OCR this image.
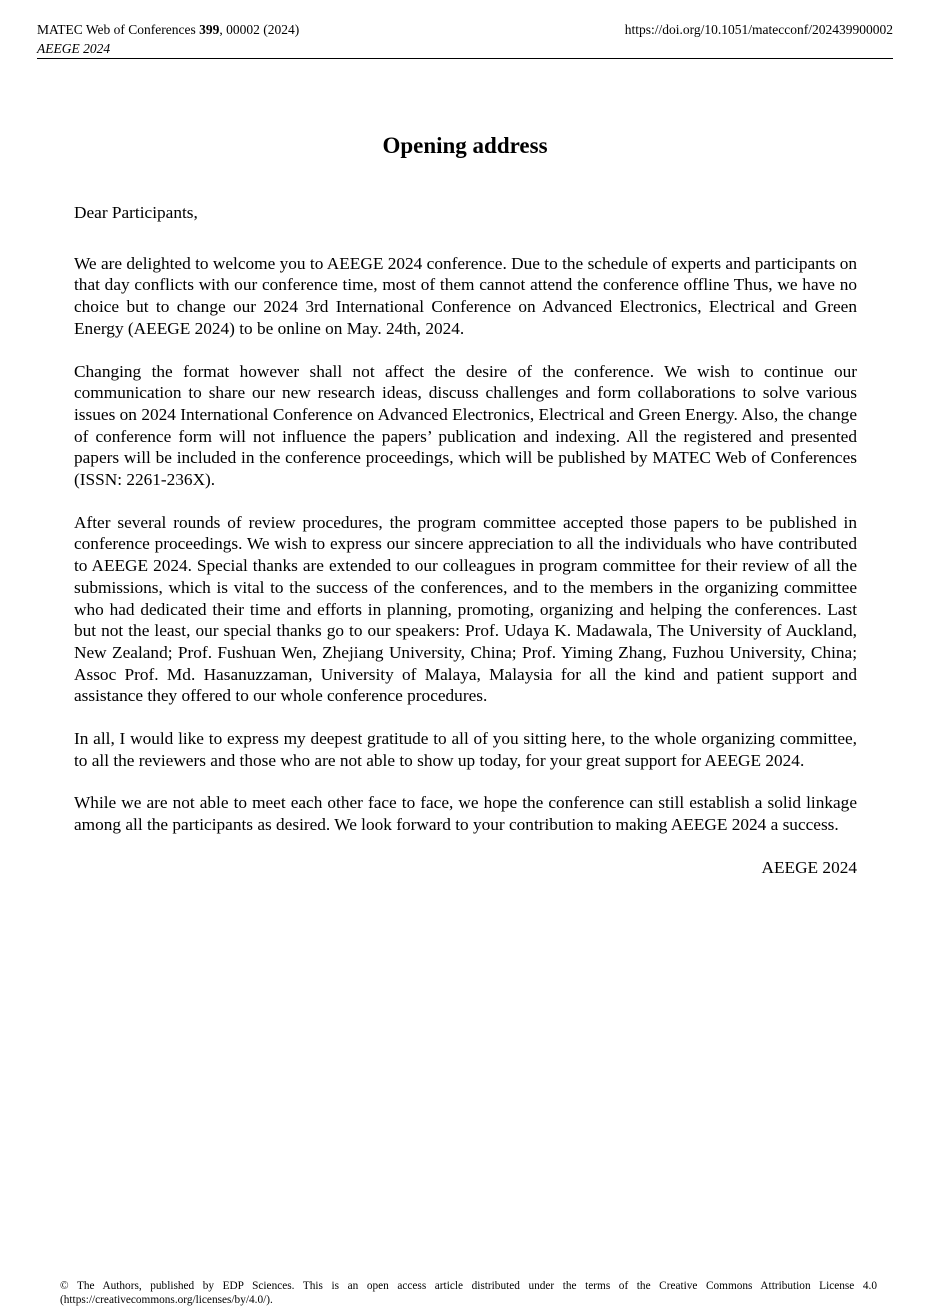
MATEC Web of Conferences 399, 00002 (2024)
AEEGE 2024
https://doi.org/10.1051/matecconf/202439900002
Opening address

Dear Participants,

We are delighted to welcome you to AEEGE 2024 conference. Due to the schedule of experts and participants on that day conflicts with our conference time, most of them cannot attend the conference offline Thus, we have no choice but to change our 2024 3rd International Conference on Advanced Electronics, Electrical and Green Energy (AEEGE 2024) to be online on May. 24th, 2024.

Changing the format however shall not affect the desire of the conference. We wish to continue our communication to share our new research ideas, discuss challenges and form collaborations to solve various issues on 2024 International Conference on Advanced Electronics, Electrical and Green Energy. Also, the change of conference form will not influence the papers’ publication and indexing. All the registered and presented papers will be included in the conference proceedings, which will be published by MATEC Web of Conferences (ISSN: 2261-236X).

After several rounds of review procedures, the program committee accepted those papers to be published in conference proceedings. We wish to express our sincere appreciation to all the individuals who have contributed to AEEGE 2024. Special thanks are extended to our colleagues in program committee for their review of all the submissions, which is vital to the success of the conferences, and to the members in the organizing committee who had dedicated their time and efforts in planning, promoting, organizing and helping the conferences. Last but not the least, our special thanks go to our speakers: Prof. Udaya K. Madawala, The University of Auckland, New Zealand; Prof. Fushuan Wen, Zhejiang University, China; Prof. Yiming Zhang, Fuzhou University, China; Assoc Prof. Md. Hasanuzzaman, University of Malaya, Malaysia for all the kind and patient support and assistance they offered to our whole conference procedures.

In all, I would like to express my deepest gratitude to all of you sitting here, to the whole organizing committee, to all the reviewers and those who are not able to show up today, for your great support for AEEGE 2024.

While we are not able to meet each other face to face, we hope the conference can still establish a solid linkage among all the participants as desired. We look forward to your contribution to making AEEGE 2024 a success.

AEEGE 2024

© The Authors, published by EDP Sciences. This is an open access article distributed under the terms of the Creative Commons Attribution License 4.0 (https://creativecommons.org/licenses/by/4.0/).
